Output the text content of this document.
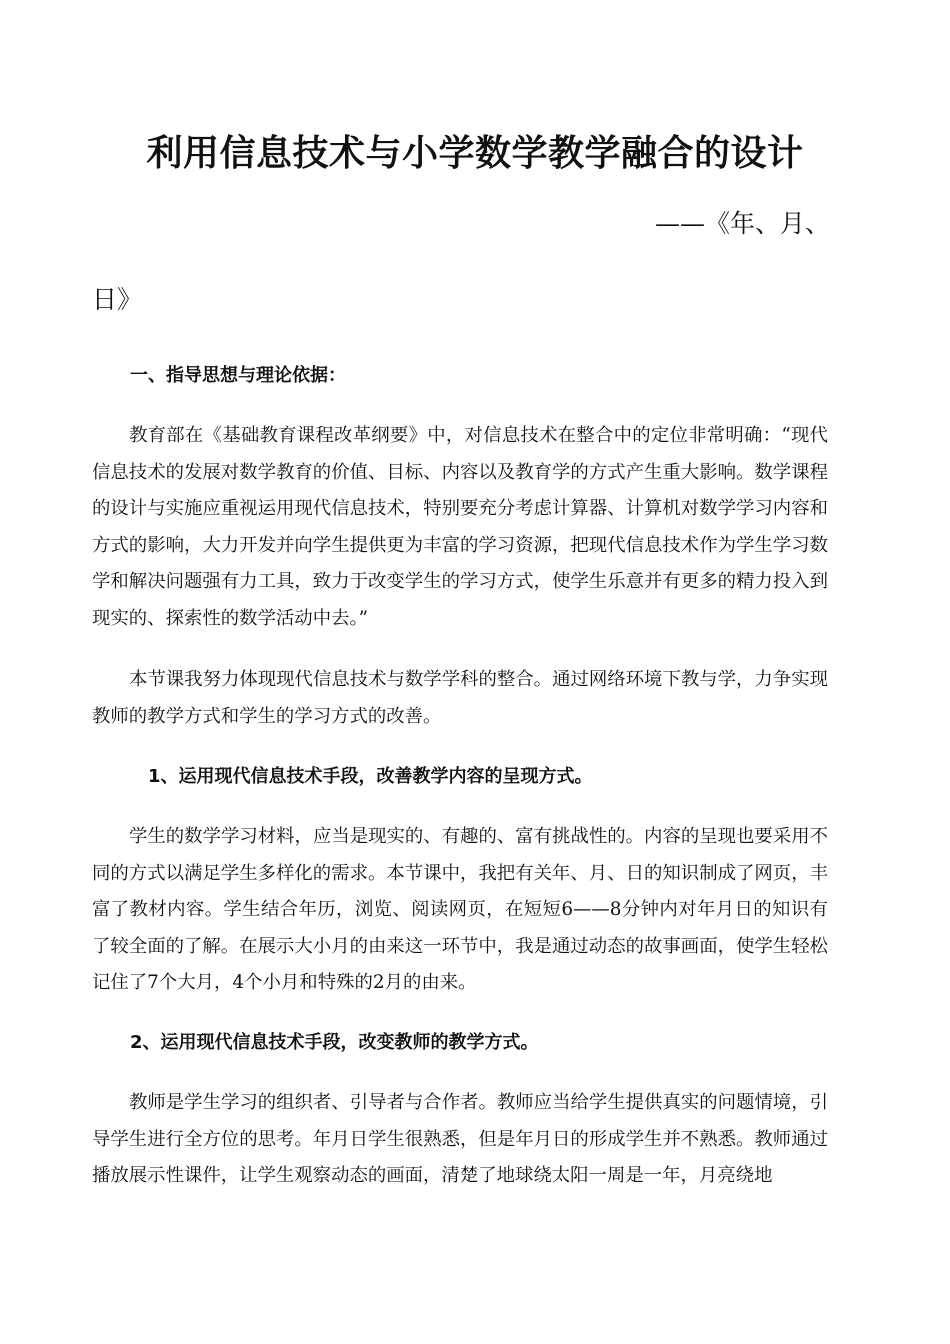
利用信息技术与小学数学教学融合的设计
——《年、月、
日》
一、指导思想与理论依据：
教育部在《基础教育课程改革纲要》中，对信息技术在整合中的定位非常明确：“现代信息技术的发展对数学教育的价值、目标、内容以及教育学的方式产生重大影响。数学课程的设计与实施应重视运用现代信息技术，特别要充分考虑计算器、计算机对数学学习内容和方式的影响，大力开发并向学生提供更为丰富的学习资源，把现代信息技术作为学生学习数学和解决问题强有力工具，致力于改变学生的学习方式，使学生乐意并有更多的精力投入到现实的、探索性的数学活动中去。”
本节课我努力体现现代信息技术与数学学科的整合。通过网络环境下教与学，力争实现教师的教学方式和学生的学习方式的改善。
1、运用现代信息技术手段，改善教学内容的呈现方式。
学生的数学学习材料，应当是现实的、有趣的、富有挑战性的。内容的呈现也要采用不同的方式以满足学生多样化的需求。本节课中，我把有关年、月、日的知识制成了网页，丰富了教材内容。学生结合年历，浏览、阅读网页，在短短6——8分钟内对年月日的知识有了较全面的了解。在展示大小月的由来这一环节中，我是通过动态的故事画面，使学生轻松记住了7个大月，4个小月和特殊的2月的由来。
2、运用现代信息技术手段，改变教师的教学方式。
教师是学生学习的组织者、引导者与合作者。教师应当给学生提供真实的问题情境，引导学生进行全方位的思考。年月日学生很熟悉，但是年月日的形成学生并不熟悉。教师通过播放展示性课件，让学生观察动态的画面，清楚了地球绕太阳一周是一年，月亮绕地
